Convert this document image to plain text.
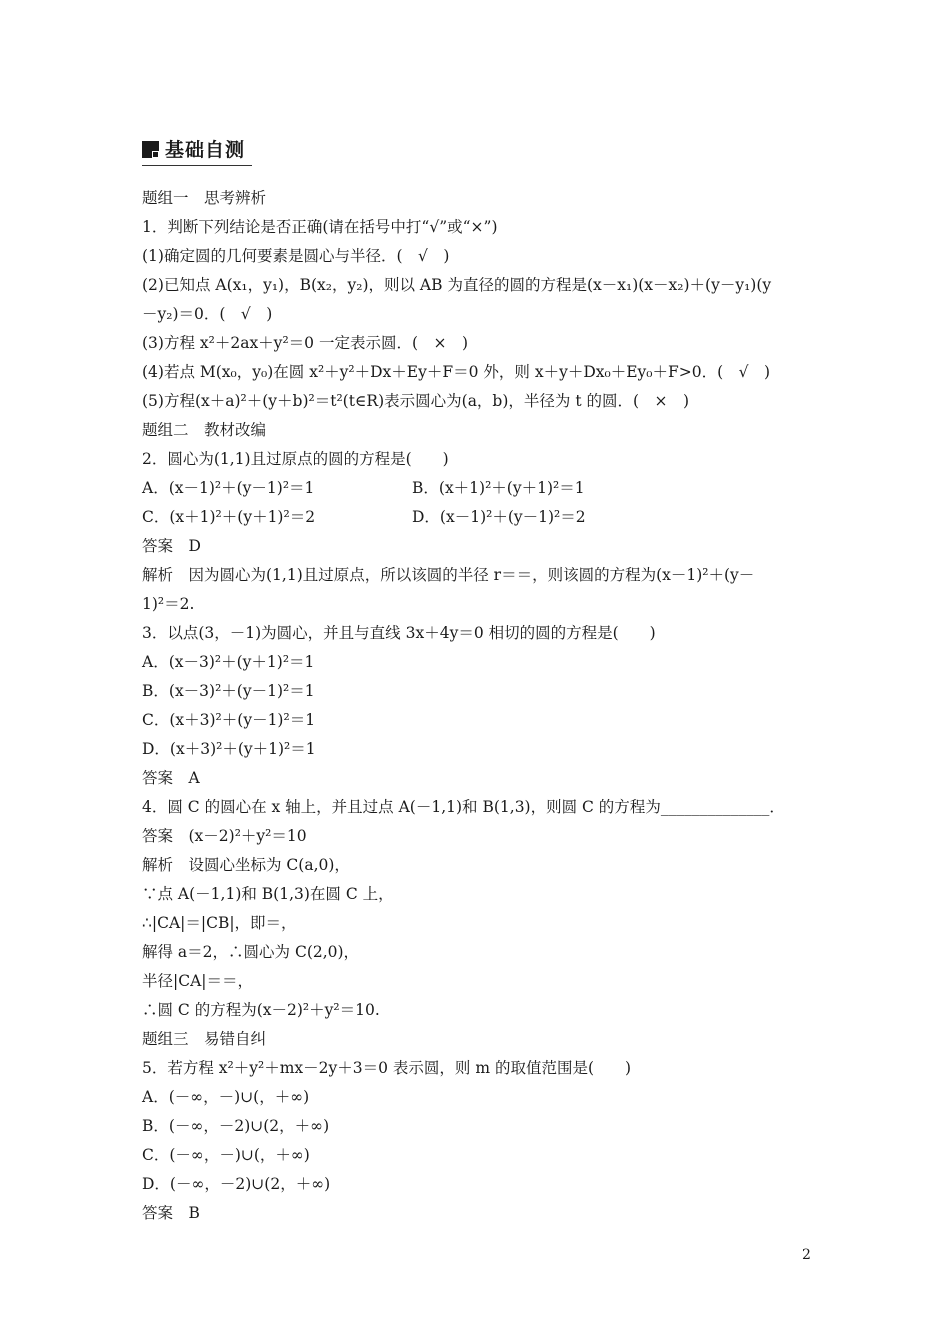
基础自测
题组一　思考辨析
1．判断下列结论是否正确(请在括号中打“√”或“×”)
(1)确定圆的几何要素是圆心与半径．(　√　)
(2)已知点 A(x₁，y₁)，B(x₂，y₂)，则以 AB 为直径的圆的方程是(x－x₁)(x－x₂)＋(y－y₁)(y
－y₂)＝0．(　√　)
(3)方程 x²＋2ax＋y²＝0 一定表示圆．(　×　)
(4)若点 M(x₀，y₀)在圆 x²＋y²＋Dx＋Ey＋F＝0 外，则 x＋y＋Dx₀＋Ey₀＋F>0．(　√　)
(5)方程(x＋a)²＋(y＋b)²＝t²(t∈R)表示圆心为(a，b)，半径为 t 的圆．(　×　)
题组二　教材改编
2．圆心为(1,1)且过原点的圆的方程是(　　)
A．(x－1)²＋(y－1)²＝1	B．(x＋1)²＋(y＋1)²＝1
C．(x＋1)²＋(y＋1)²＝2	D．(x－1)²＋(y－1)²＝2
答案　D
解析　因为圆心为(1,1)且过原点，所以该圆的半径 r＝＝，则该圆的方程为(x－1)²＋(y－
1)²＝2.
3．以点(3，－1)为圆心，并且与直线 3x＋4y＝0 相切的圆的方程是(　　)
A．(x－3)²＋(y＋1)²＝1
B．(x－3)²＋(y－1)²＝1
C．(x＋3)²＋(y－1)²＝1
D．(x＋3)²＋(y＋1)²＝1
答案　A
4．圆 C 的圆心在 x 轴上，并且过点 A(－1,1)和 B(1,3)，则圆 C 的方程为______________．
答案　(x－2)²＋y²＝10
解析　设圆心坐标为 C(a,0)，
∵点 A(－1,1)和 B(1,3)在圆 C 上，
∴|CA|＝|CB|，即＝，
解得 a＝2，∴圆心为 C(2,0)，
半径|CA|＝＝，
∴圆 C 的方程为(x－2)²＋y²＝10.
题组三　易错自纠
5．若方程 x²＋y²＋mx－2y＋3＝0 表示圆，则 m 的取值范围是(　　)
A．(－∞，－)∪(，＋∞)
B．(－∞，－2)∪(2，＋∞)
C．(－∞，－)∪(，＋∞)
D．(－∞，－2)∪(2，＋∞)
答案　B
2
